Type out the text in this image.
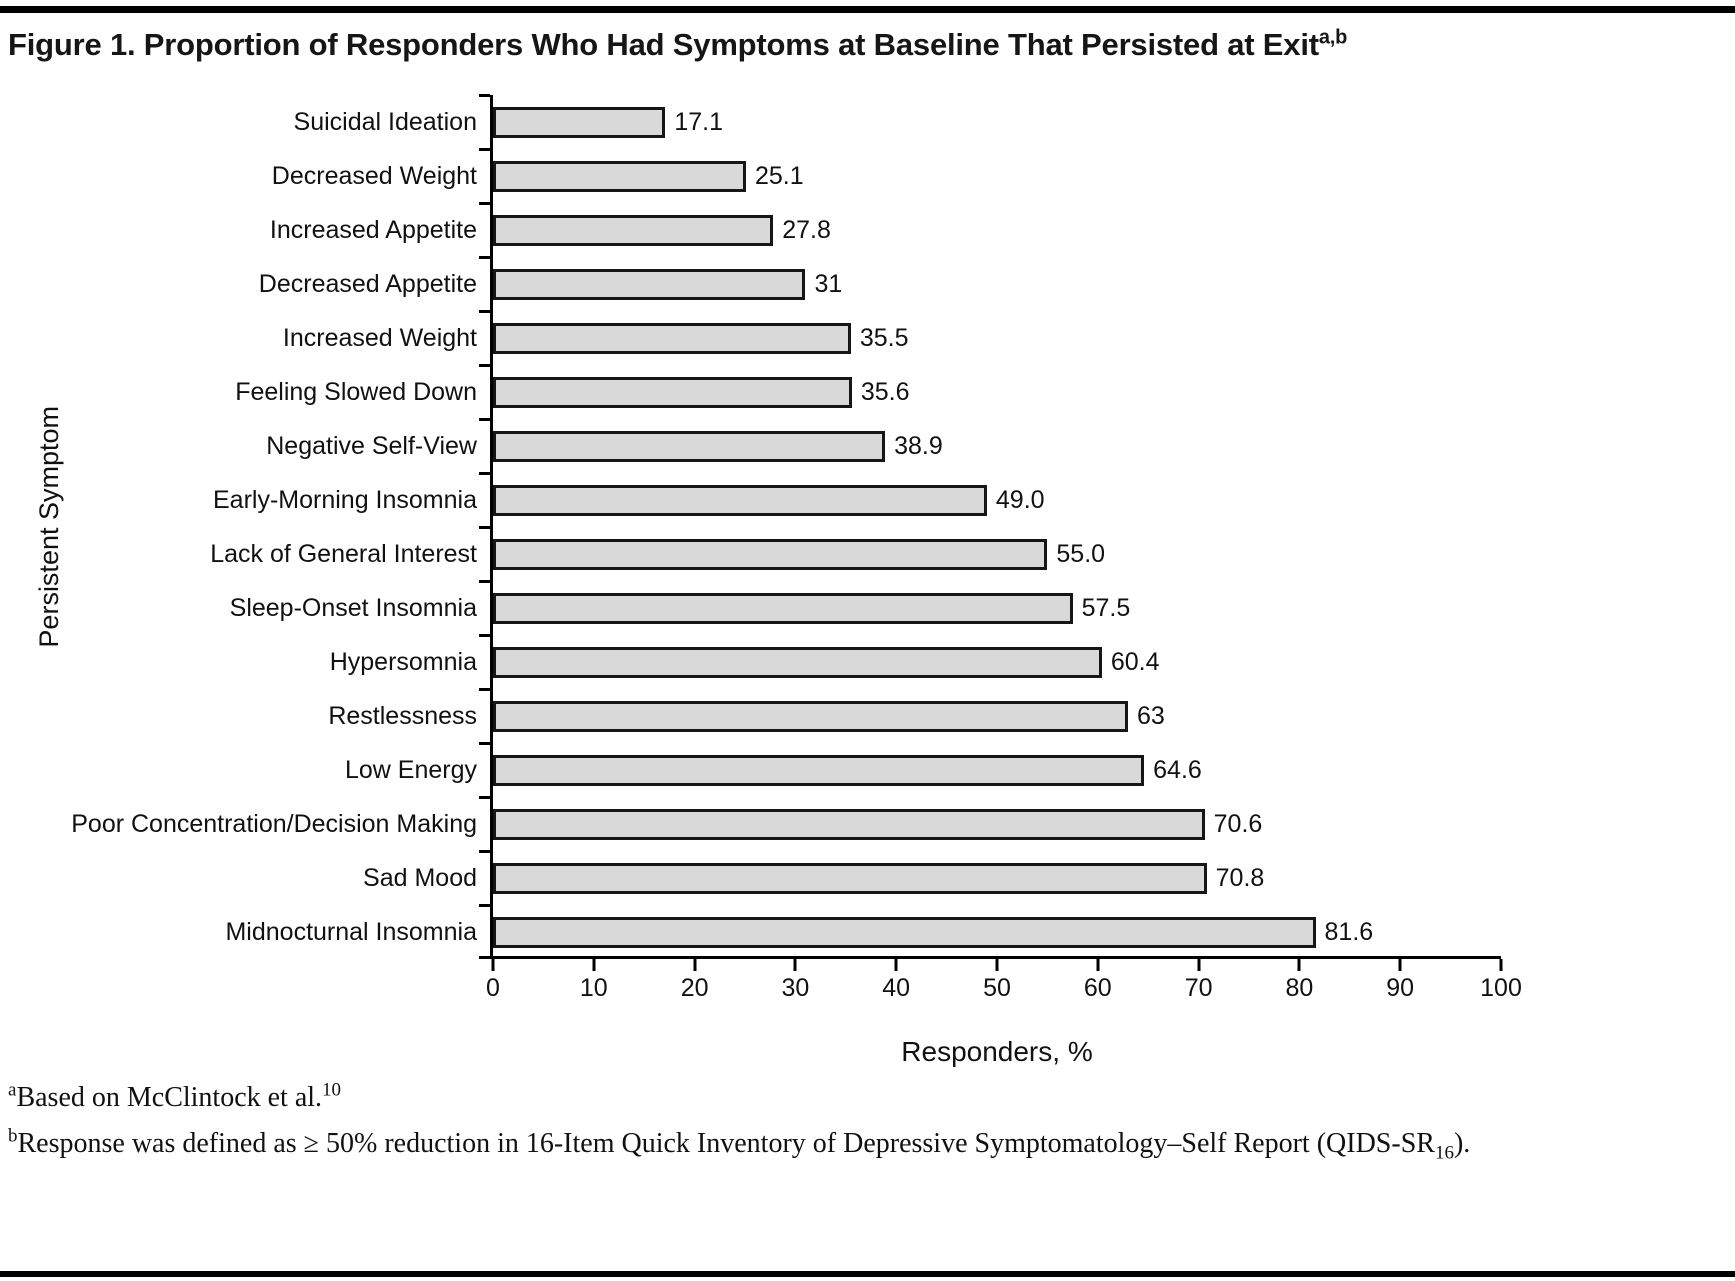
Figure 1. Proportion of Responders Who Had Symptoms at Baseline That Persisted at Exit$^{a,b}$
Persistent Symptom
Suicidal Ideation
Decreased Weight
Increased Appetite
Decreased Appetite
Increased Weight
Feeling Slowed Down
Negative Self-View
Early-Morning Insomnia
Lack of General Interest
Sleep-Onset Insomnia
Hypersomnia
Restlessness
Low Energy
Poor Concentration/Decision Making
Sad Mood
Midnocturnal Insomnia
Responders, %
17.1
25.1
27.8
31
35.5
35.6
38.9
49.0
55.0
57.5
60.4
63
64.6
70.6
70.8
81.6
0	10	20	30	40	50	60	70	80	90	100

$^a$Based on McClintock et al.$^{10}$

$^b$Response was defined as ≥ 50% reduction in 16-Item Quick Inventory of Depressive Symptomatology–Self Report $(QIDS-SR_{16})$.
